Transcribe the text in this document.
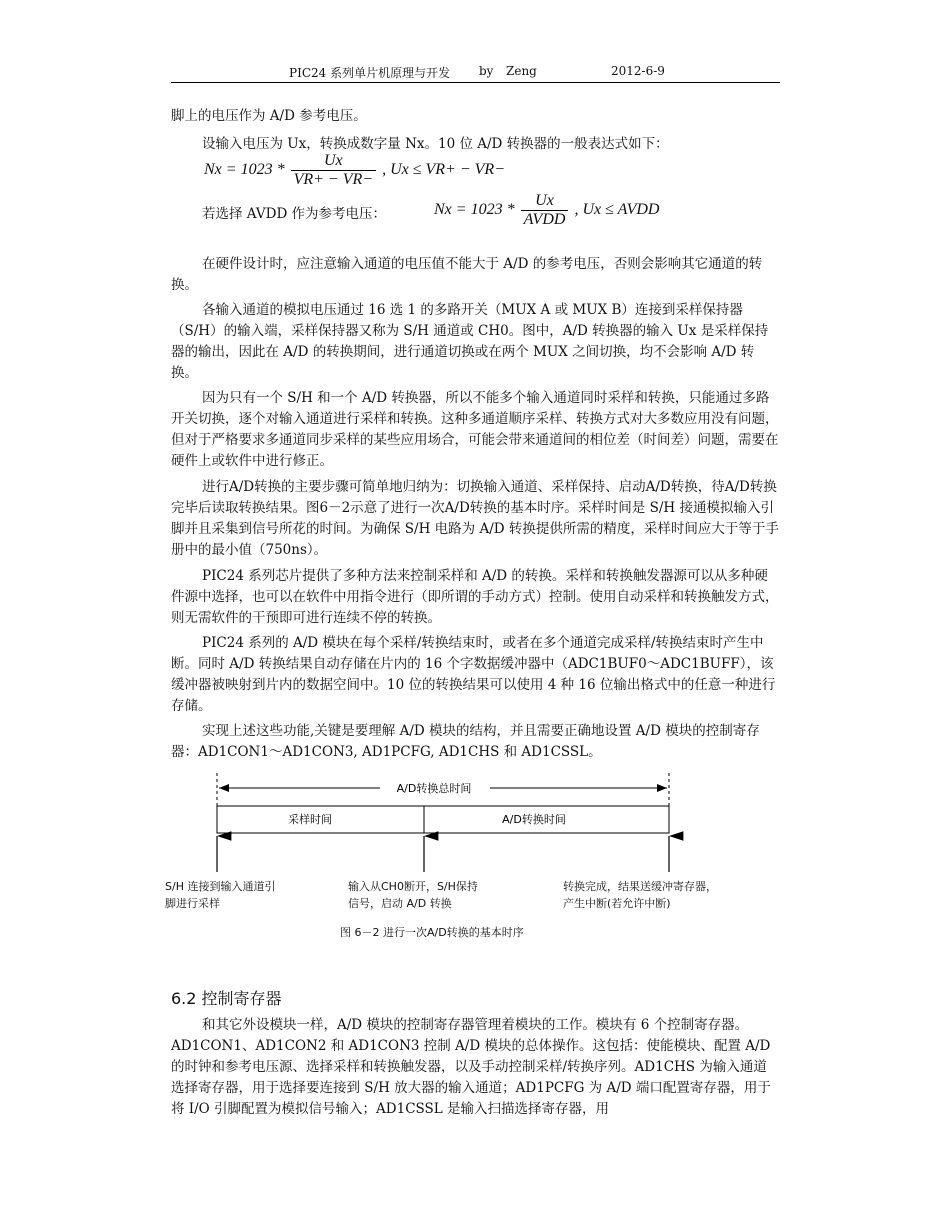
PIC24 系列单片机原理与开发 by Zeng	2012-6-9
脚上的电压作为 A/D 参考电压。
设输入电压为 Ux，转换成数字量 Nx。10 位 A/D 转换器的一般表达式如下：
$Nx = 1023 * \frac{Ux}{VR+ - VR-}$ , Ux ≤ VR+ − VR−
若选择 AVDD 作为参考电压：	$Nx = 1023 * \frac{Ux}{\text{AVDD}}$ , Ux ≤ AVDD

在硬件设计时，应注意输入通道的电压值不能大于 A/D 的参考电压，否则会影响其它通道的转换。

各输入通道的模拟电压通过 16 选 1 的多路开关（MUX A 或 MUX B）连接到采样保持器（S/H）的输入端，采样保持器又称为 S/H 通道或 CH0。图中，A/D 转换器的输入 Ux 是采样保持器的输出，因此在 A/D 的转换期间，进行通道切换或在两个 MUX 之间切换，均不会影响 A/D 转换。

因为只有一个 S/H 和一个 A/D 转换器，所以不能多个输入通道同时采样和转换，只能通过多路开关切换，逐个对输入通道进行采样和转换。这种多通道顺序采样、转换方式对大多数应用没有问题，但对于严格要求多通道同步采样的某些应用场合，可能会带来通道间的相位差（时间差）问题，需要在硬件上或软件中进行修正。

进行A/D转换的主要步骤可简单地归纳为：切换输入通道、采样保持、启动A/D转换，待A/D转换完毕后读取转换结果。图6－2示意了进行一次A/D转换的基本时序。采样时间是 S/H 接通模拟输入引脚并且采集到信号所花的时间。为确保 S/H 电路为 A/D 转换提供所需的精度，采样时间应大于等于手册中的最小值（750ns）。

PIC24 系列芯片提供了多种方法来控制采样和 A/D 的转换。采样和转换触发器源可以从多种硬件源中选择，也可以在软件中用指令进行（即所谓的手动方式）控制。使用自动采样和转换触发方式，则无需软件的干预即可进行连续不停的转换。

PIC24 系列的 A/D 模块在每个采样/转换结束时，或者在多个通道完成采样/转换结束时产生中断。同时 A/D 转换结果自动存储在片内的 16 个字数据缓冲器中（ADC1BUF0～ADC1BUFF），该缓冲器被映射到片内的数据空间中。10 位的转换结果可以使用 4 种 16 位输出格式中的任意一种进行存储。

实现上述这些功能,关键是要理解 A/D 模块的结构，并且需要正确地设置 A/D 模块的控制寄存器：AD1CON1～AD1CON3, AD1PCFG, AD1CHS 和 AD1CSSL。

A/D转换总时间
采样时间	A/D转换时间
S/H 连接到输入通道引
脚进行采样
输入从CH0断开，S/H保持
信号，启动 A/D 转换
转换完成，结果送缓冲寄存器，
产生中断(若允许中断)
图 6－2 进行一次A/D转换的基本时序
6.2 控制寄存器

和其它外设模块一样，A/D 模块的控制寄存器管理着模块的工作。模块有 6 个控制寄存器。AD1CON1、AD1CON2 和 AD1CON3 控制 A/D 模块的总体操作。这包括：使能模块、配置 A/D 的时钟和参考电压源、选择采样和转换触发器，以及手动控制采样/转换序列。AD1CHS 为输入通道选择寄存器，用于选择要连接到 S/H 放大器的输入通道；AD1PCFG 为 A/D 端口配置寄存器，用于将 I/O 引脚配置为模拟信号输入；AD1CSSL 是输入扫描选择寄存器，用
